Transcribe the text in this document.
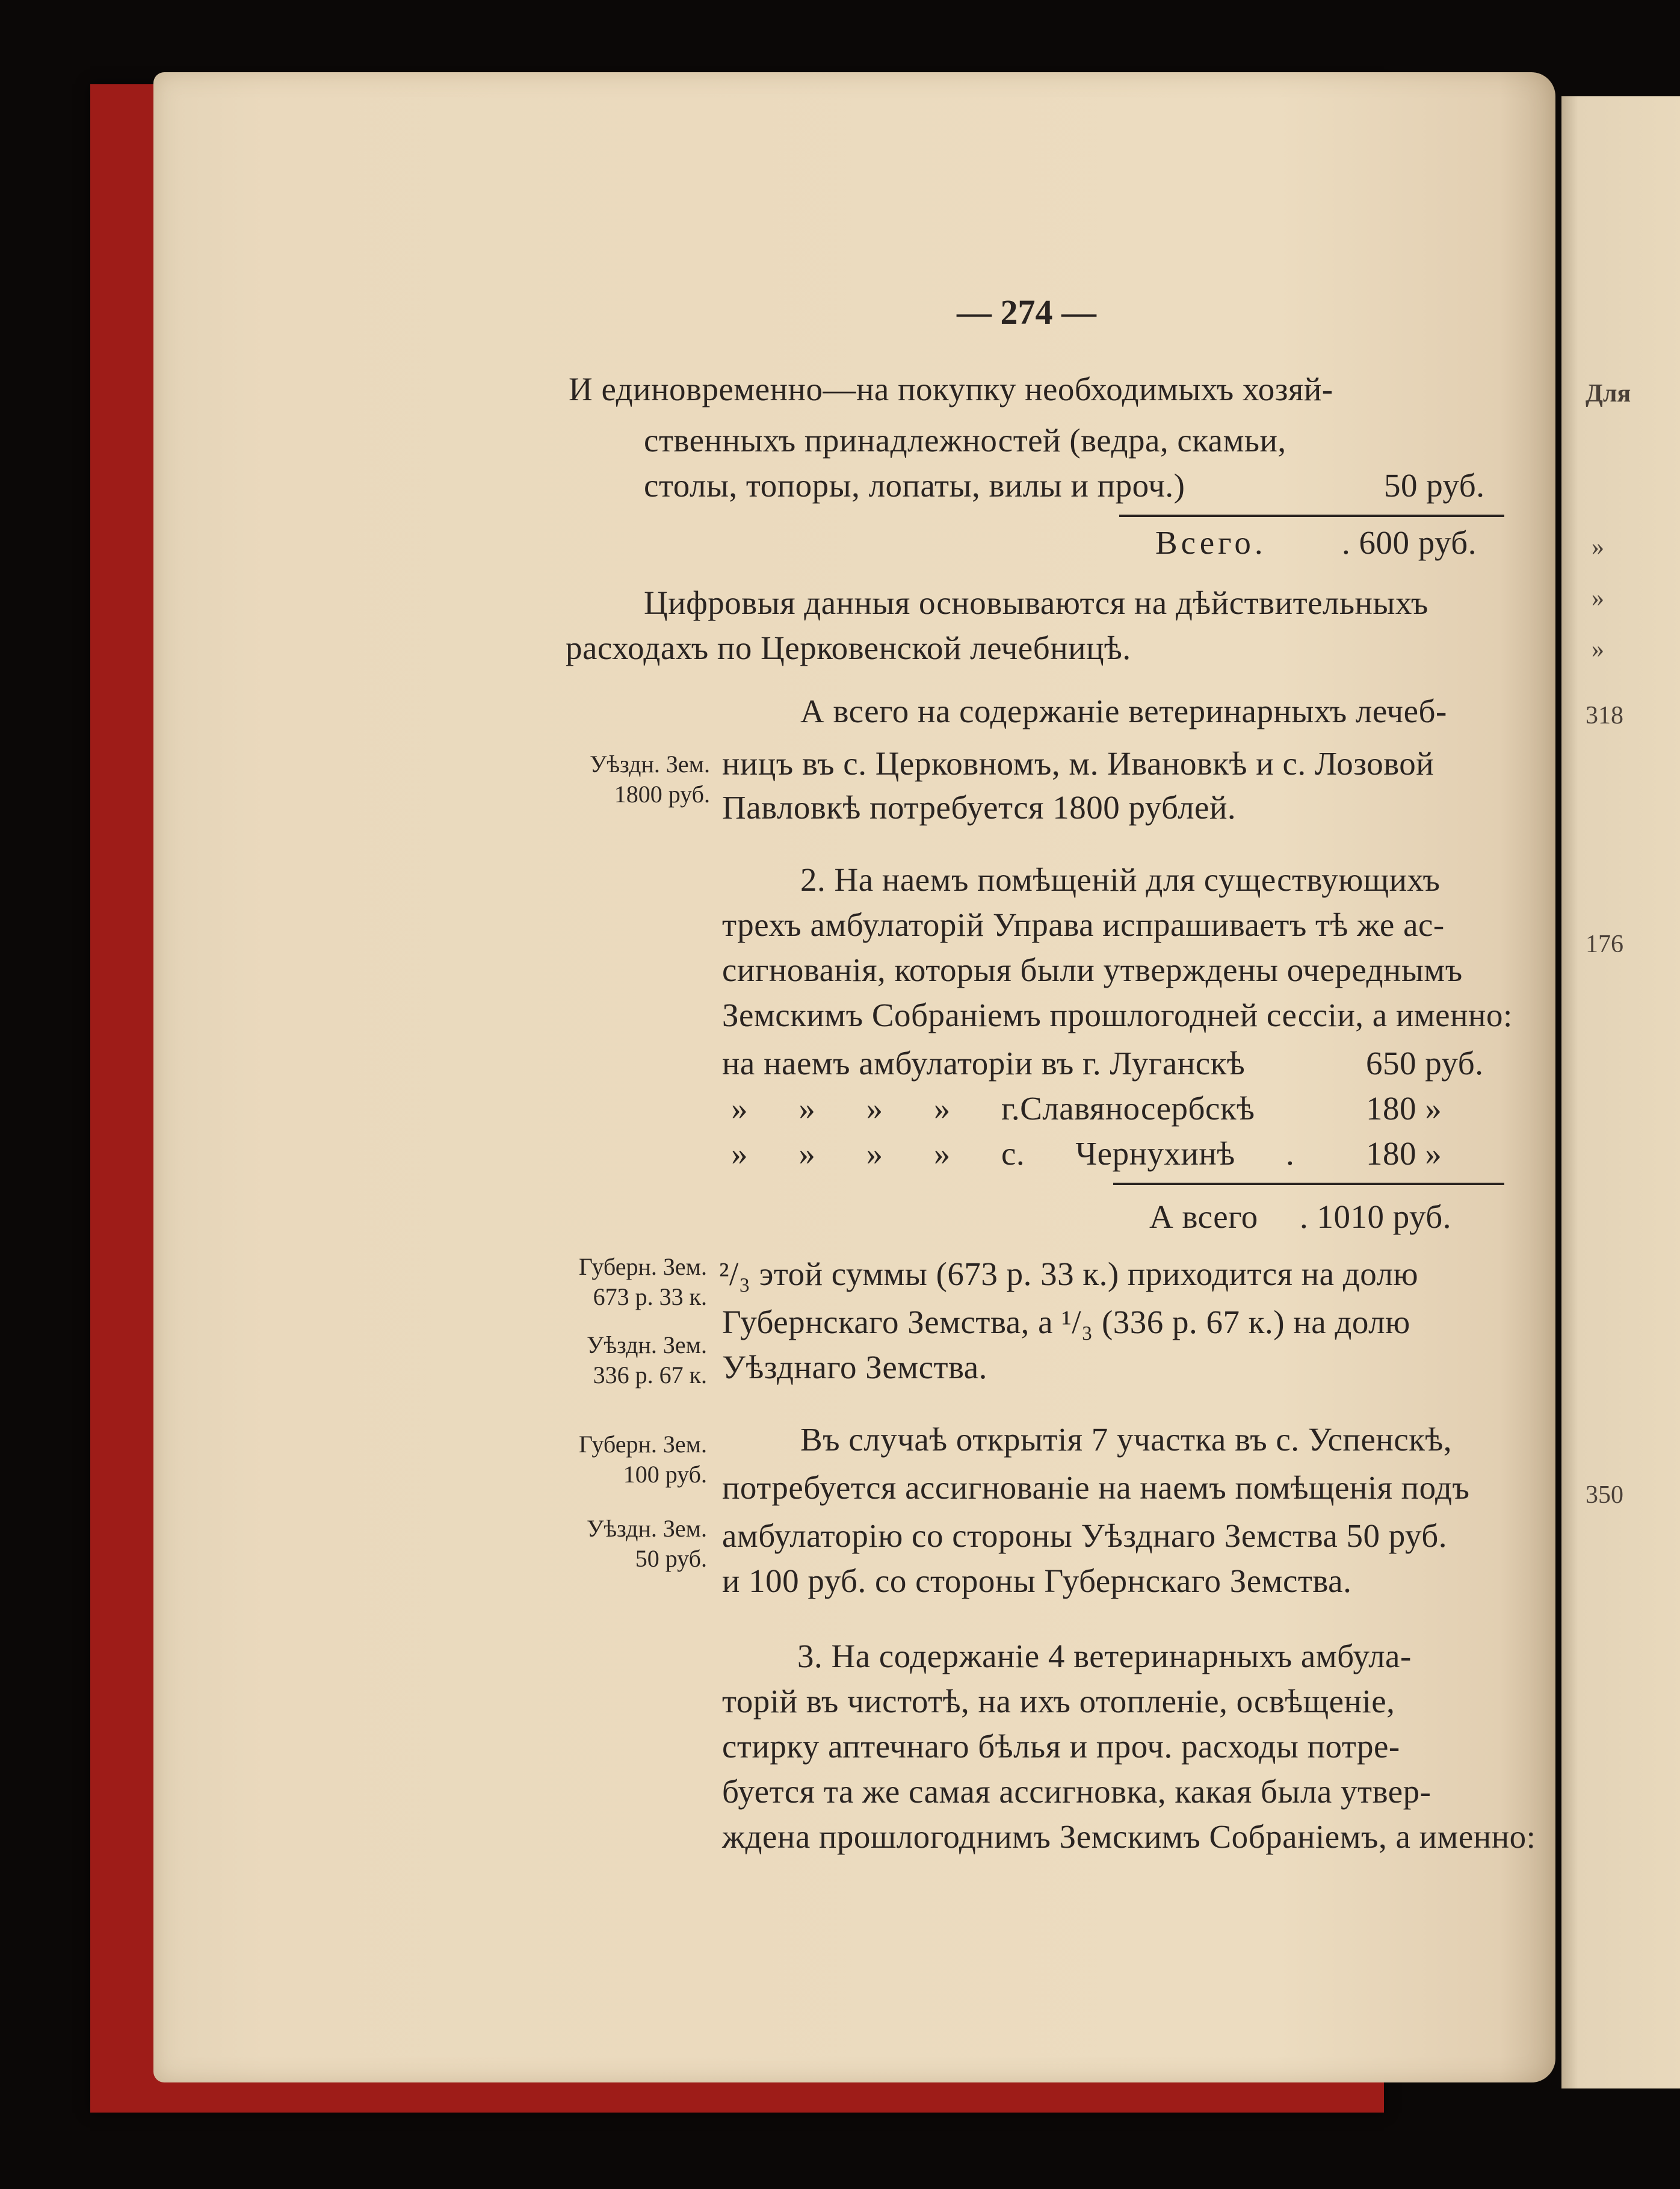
Для
»
»
»
318
176
350
— 274 —
И единовременно—на покупку необходимыхъ хозяй-
ственныхъ принадлежностей (ведра, скамьи,
столы, топоры, лопаты, вилы и проч.)	50 руб.
Всего. . 600 руб.
Цифровыя данныя основываются на дѣйствительныхъ
расходахъ по Церковенской лечебницѣ.
А всего на содержаніе ветеринарныхъ лечеб-
ницъ въ с. Церковномъ, м. Ивановкѣ и с. Лозовой
Павловкѣ потребуется 1800 рублей.
Уѣздн. Зем.
1800 руб.
2. На наемъ помѣщеній для существующихъ
трехъ амбулаторій Управа испрашиваетъ тѣ же ас-
сигнованія, которыя были утверждены очереднымъ
Земскимъ Собраніемъ прошлогодней сессіи, а именно:
на наемъ амбулаторіи въ г. Луганскѣ	650 руб.
» » » » г.Славяносербскѣ	180 »
» » » » с. Чернухинѣ . 180 »
А всего . 1010 руб.
²/₃ этой суммы (673 р. 33 к.) приходится на долю
Губернскаго Земства, а ¹/₃ (336 р. 67 к.) на долю
Уѣзднаго Земства.
Губерн. Зем.
673 р. 33 к.
Уѣздн. Зем.
336 р. 67 к.
Въ случаѣ открытія 7 участка въ с. Успенскѣ,
потребуется ассигнованіе на наемъ помѣщенія подъ
амбулаторію со стороны Уѣзднаго Земства 50 руб.
и 100 руб. со стороны Губернскаго Земства.
Губерн. Зем.
100 руб.
Уѣздн. Зем.
50 руб.
3. На содержаніе 4 ветеринарныхъ амбула-
торій въ чистотѣ, на ихъ отопленіе, освѣщеніе,
стирку аптечнаго бѣлья и проч. расходы потре-
буется та же самая ассигновка, какая была утвер-
ждена прошлогоднимъ Земскимъ Собраніемъ, а именно:
